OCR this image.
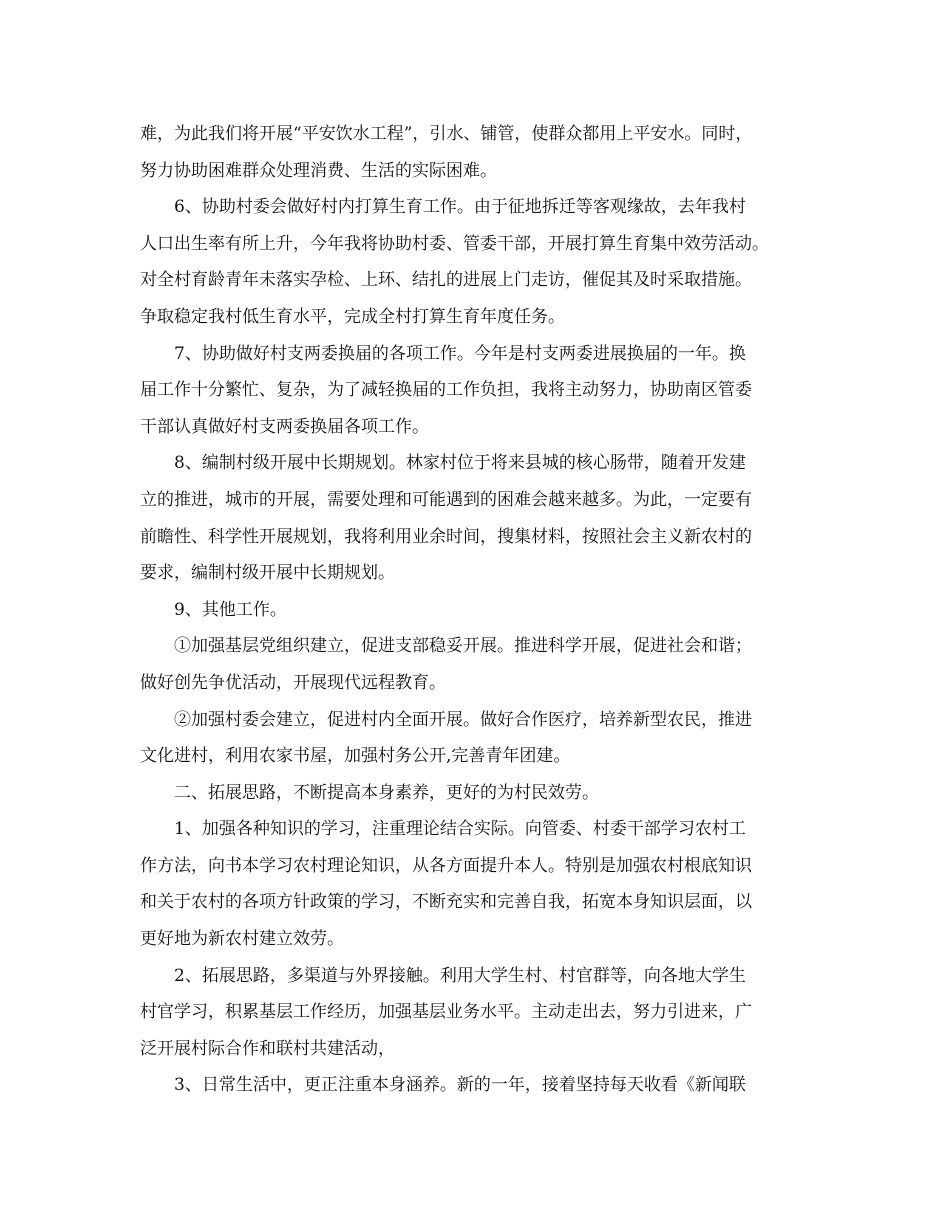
难，为此我们将开展“平安饮水工程”，引水、铺管，使群众都用上平安水。同时，
努力协助困难群众处理消费、生活的实际困难。
6、协助村委会做好村内打算生育工作。由于征地拆迁等客观缘故，去年我村
人口出生率有所上升，今年我将协助村委、管委干部，开展打算生育集中效劳活动。
对全村育龄青年未落实孕检、上环、结扎的进展上门走访，催促其及时采取措施。
争取稳定我村低生育水平，完成全村打算生育年度任务。
7、协助做好村支两委换届的各项工作。今年是村支两委进展换届的一年。换
届工作十分繁忙、复杂，为了减轻换届的工作负担，我将主动努力，协助南区管委
干部认真做好村支两委换届各项工作。
8、编制村级开展中长期规划。林家村位于将来县城的核心肠带，随着开发建
立的推进，城市的开展，需要处理和可能遇到的困难会越来越多。为此，一定要有
前瞻性、科学性开展规划，我将利用业余时间，搜集材料，按照社会主义新农村的
要求，编制村级开展中长期规划。
9、其他工作。
①加强基层党组织建立，促进支部稳妥开展。推进科学开展，促进社会和谐；
做好创先争优活动，开展现代远程教育。
②加强村委会建立，促进村内全面开展。做好合作医疗，培养新型农民，推进
文化进村，利用农家书屋，加强村务公开,完善青年团建。
二、拓展思路，不断提高本身素养，更好的为村民效劳。
1、加强各种知识的学习，注重理论结合实际。向管委、村委干部学习农村工
作方法，向书本学习农村理论知识，从各方面提升本人。特别是加强农村根底知识
和关于农村的各项方针政策的学习，不断充实和完善自我，拓宽本身知识层面，以
更好地为新农村建立效劳。
2、拓展思路，多渠道与外界接触。利用大学生村、村官群等，向各地大学生
村官学习，积累基层工作经历，加强基层业务水平。主动走出去，努力引进来，广
泛开展村际合作和联村共建活动，
3、日常生活中，更正注重本身涵养。新的一年，接着坚持每天收看《新闻联
